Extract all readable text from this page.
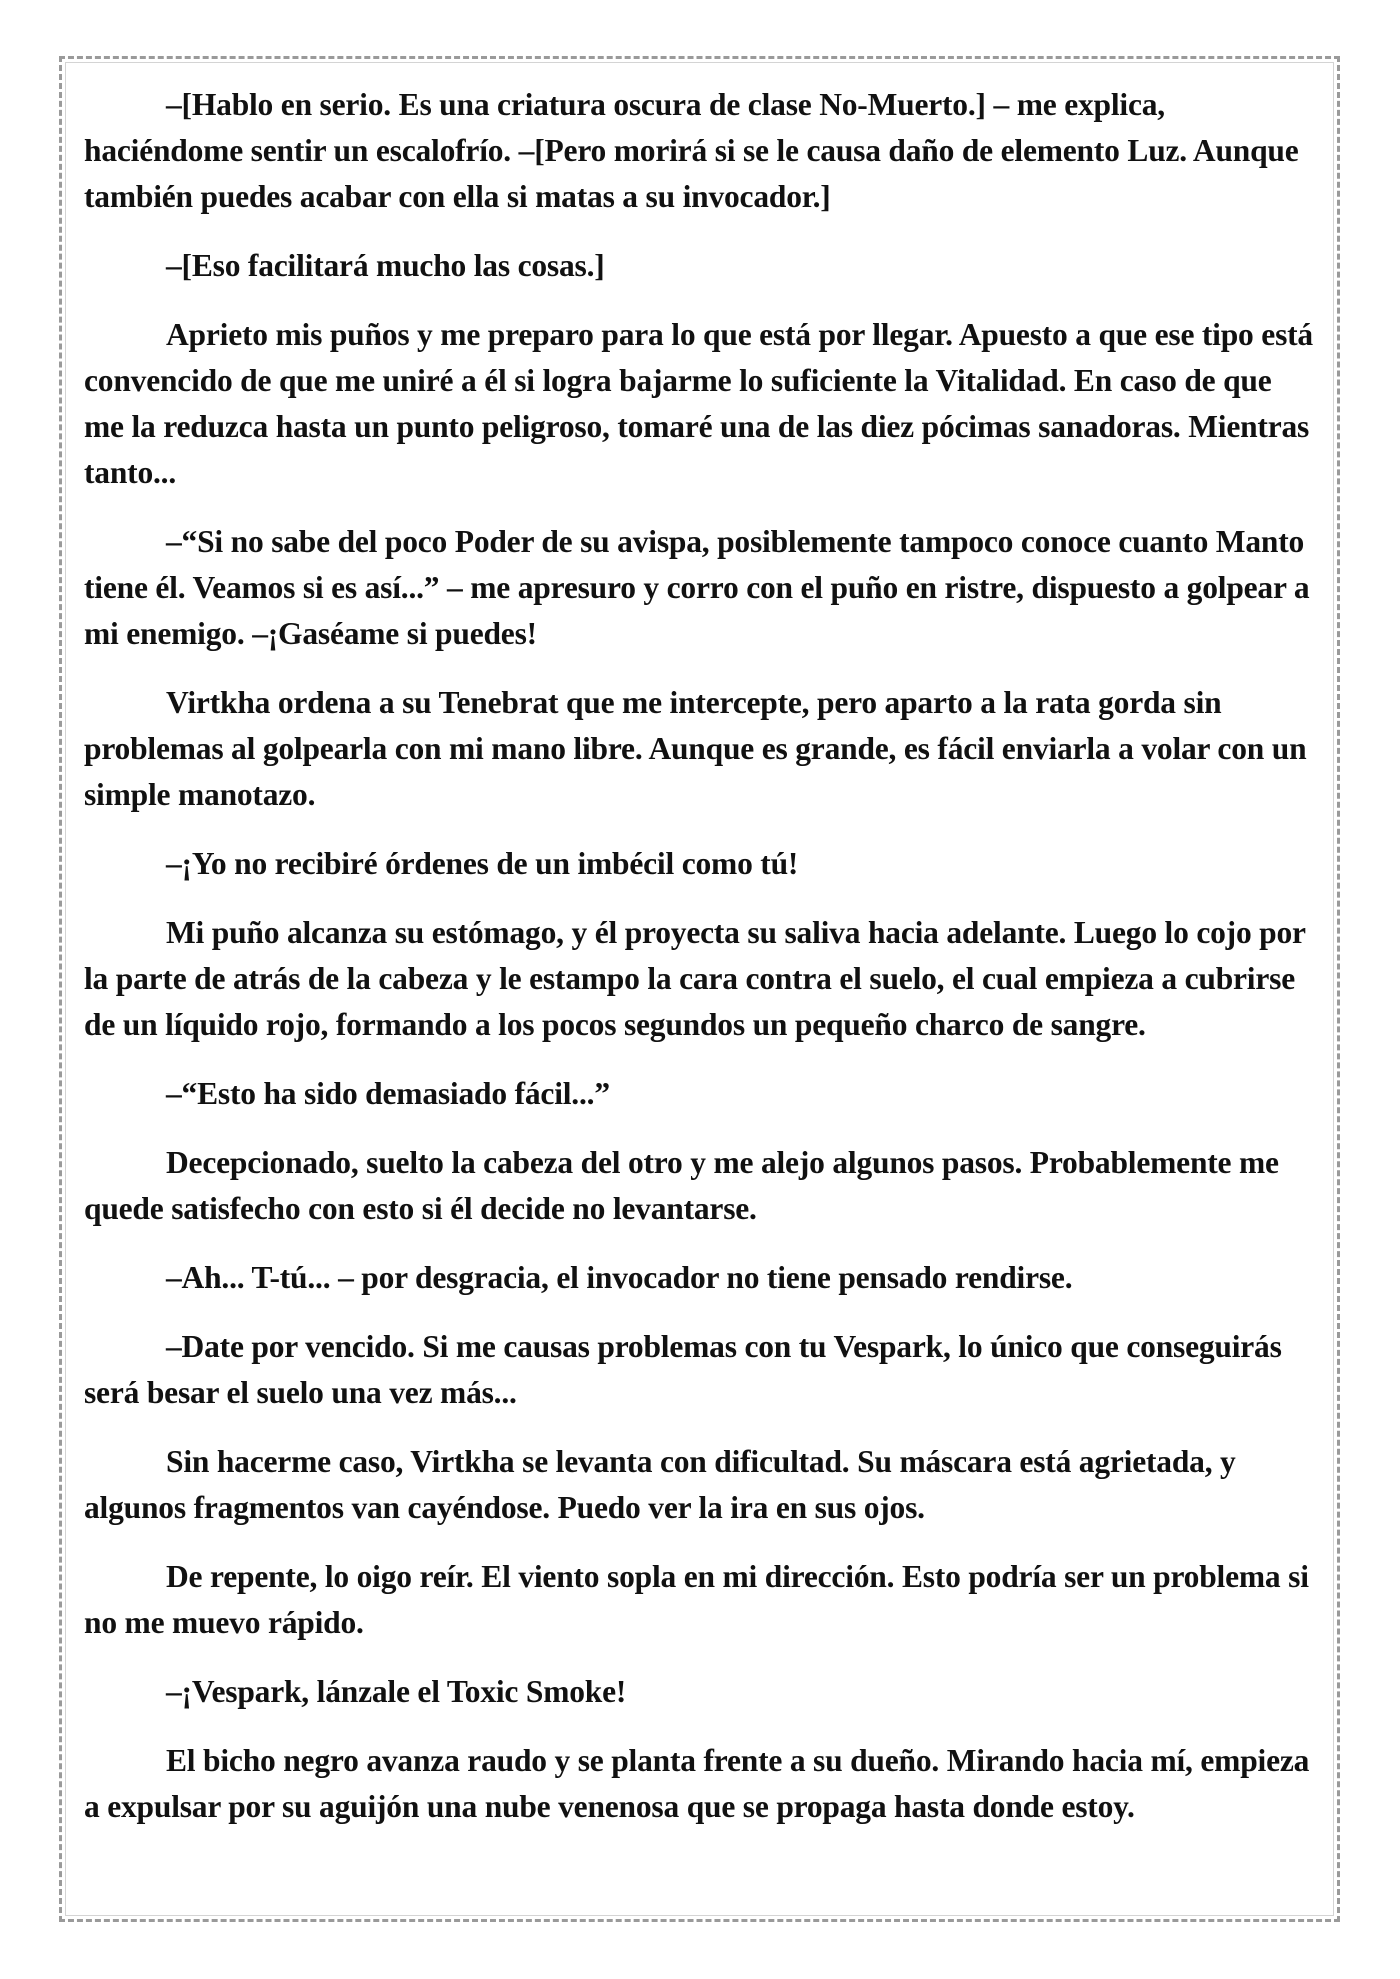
–[Hablo en serio. Es una criatura oscura de clase No-Muerto.] – me explica, haciéndome sentir un escalofrío. –[Pero morirá si se le causa daño de elemento Luz. Aunque también puedes acabar con ella si matas a su invocador.]

–[Eso facilitará mucho las cosas.]

Aprieto mis puños y me preparo para lo que está por llegar. Apuesto a que ese tipo está convencido de que me uniré a él si logra bajarme lo suficiente la Vitalidad. En caso de que me la reduzca hasta un punto peligroso, tomaré una de las diez pócimas sanadoras. Mientras tanto...

–“Si no sabe del poco Poder de su avispa, posiblemente tampoco conoce cuanto Manto tiene él. Veamos si es así...” – me apresuro y corro con el puño en ristre, dispuesto a golpear a mi enemigo. –¡Gaséame si puedes!

Virtkha ordena a su Tenebrat que me intercepte, pero aparto a la rata gorda sin problemas al golpearla con mi mano libre. Aunque es grande, es fácil enviarla a volar con un simple manotazo.

–¡Yo no recibiré órdenes de un imbécil como tú!

Mi puño alcanza su estómago, y él proyecta su saliva hacia adelante. Luego lo cojo por la parte de atrás de la cabeza y le estampo la cara contra el suelo, el cual empieza a cubrirse de un líquido rojo, formando a los pocos segundos un pequeño charco de sangre.

–“Esto ha sido demasiado fácil...”

Decepcionado, suelto la cabeza del otro y me alejo algunos pasos. Probablemente me quede satisfecho con esto si él decide no levantarse.

–Ah... T-tú... – por desgracia, el invocador no tiene pensado rendirse.

–Date por vencido. Si me causas problemas con tu Vespark, lo único que conseguirás será besar el suelo una vez más...

Sin hacerme caso, Virtkha se levanta con dificultad. Su máscara está agrietada, y algunos fragmentos van cayéndose. Puedo ver la ira en sus ojos.

De repente, lo oigo reír. El viento sopla en mi dirección. Esto podría ser un problema si no me muevo rápido.

–¡Vespark, lánzale el Toxic Smoke!

El bicho negro avanza raudo y se planta frente a su dueño. Mirando hacia mí, empieza a expulsar por su aguijón una nube venenosa que se propaga hasta donde estoy.
